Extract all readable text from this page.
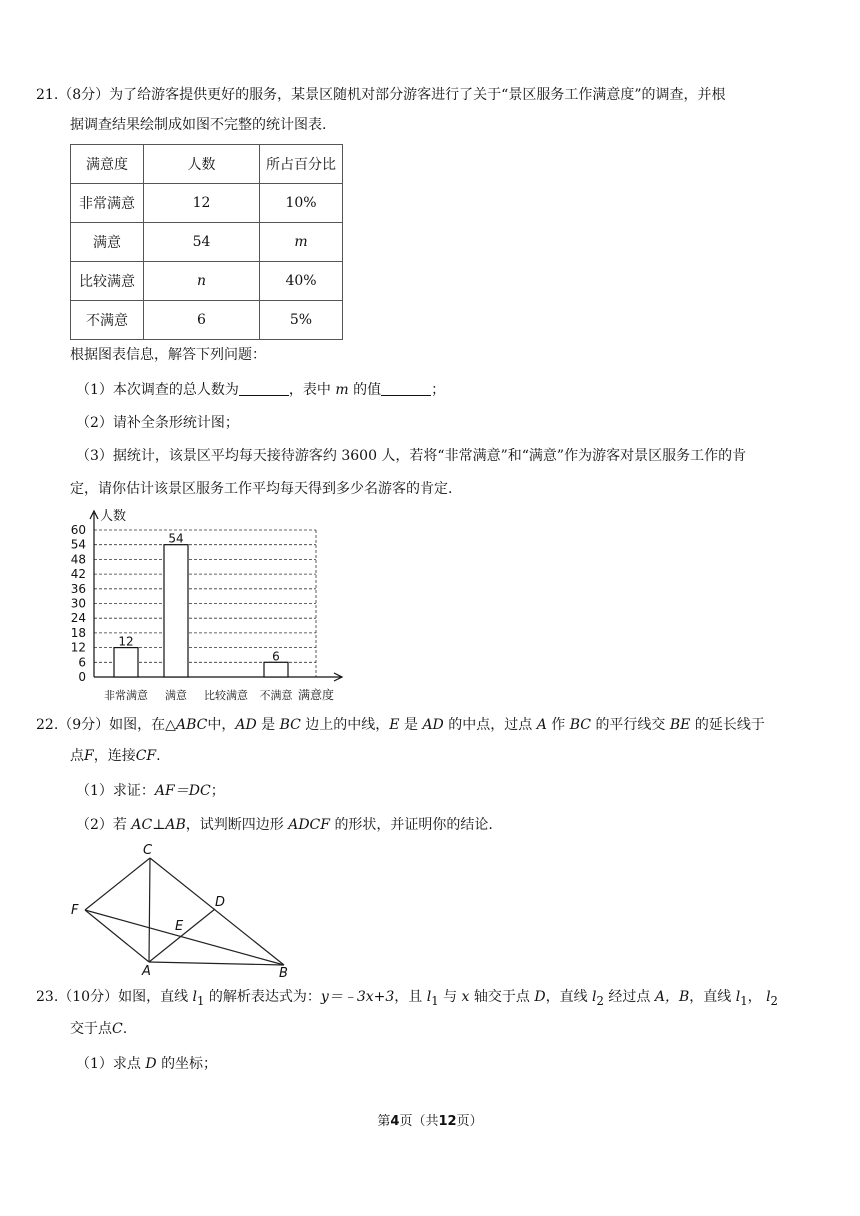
21.（8分）为了给游客提供更好的服务，某景区随机对部分游客进行了关于“景区服务工作满意度”的调查，并根
据调查结果绘制成如图不完整的统计图表.
满意度	人数	所占百分比
非常满意	12	10%
满意	54	m
比较满意	n	40%
不满意	6	5%
根据图表信息，解答下列问题：
（1）本次调查的总人数为	，表中 m 的值	；
（2）请补全条形统计图；
（3）据统计，该景区平均每天接待游客约 3600 人，若将“非常满意”和“满意”作为游客对景区服务工作的肯
定，请你估计该景区服务工作平均每天得到多少名游客的肯定.
0
6
12
18
24
30
36
42
48
54
60
人数
满意度
12
非常满意
54
满意 比较满意
6
不满意
22.（9分）如图，在△ABC中，AD 是 BC 边上的中线，E 是 AD 的中点，过点 A 作 BC 的平行线交 BE 的延长线于
点F，连接CF.
（1）求证：AF＝DC；
（2）若 AC⊥AB，试判断四边形 ADCF 的形状，并证明你的结论.
C
D
F
E
A	B
23.（10分）如图，直线 $l_1$ 的解析表达式为：y＝﹣3x+3，且 $l_1$ 与 x 轴交于点 D，直线 $l_2$ 经过点 A，B，直线 $l_1$， $l_2$
交于点C.
（1）求点 D 的坐标；
第4页（共12页）
